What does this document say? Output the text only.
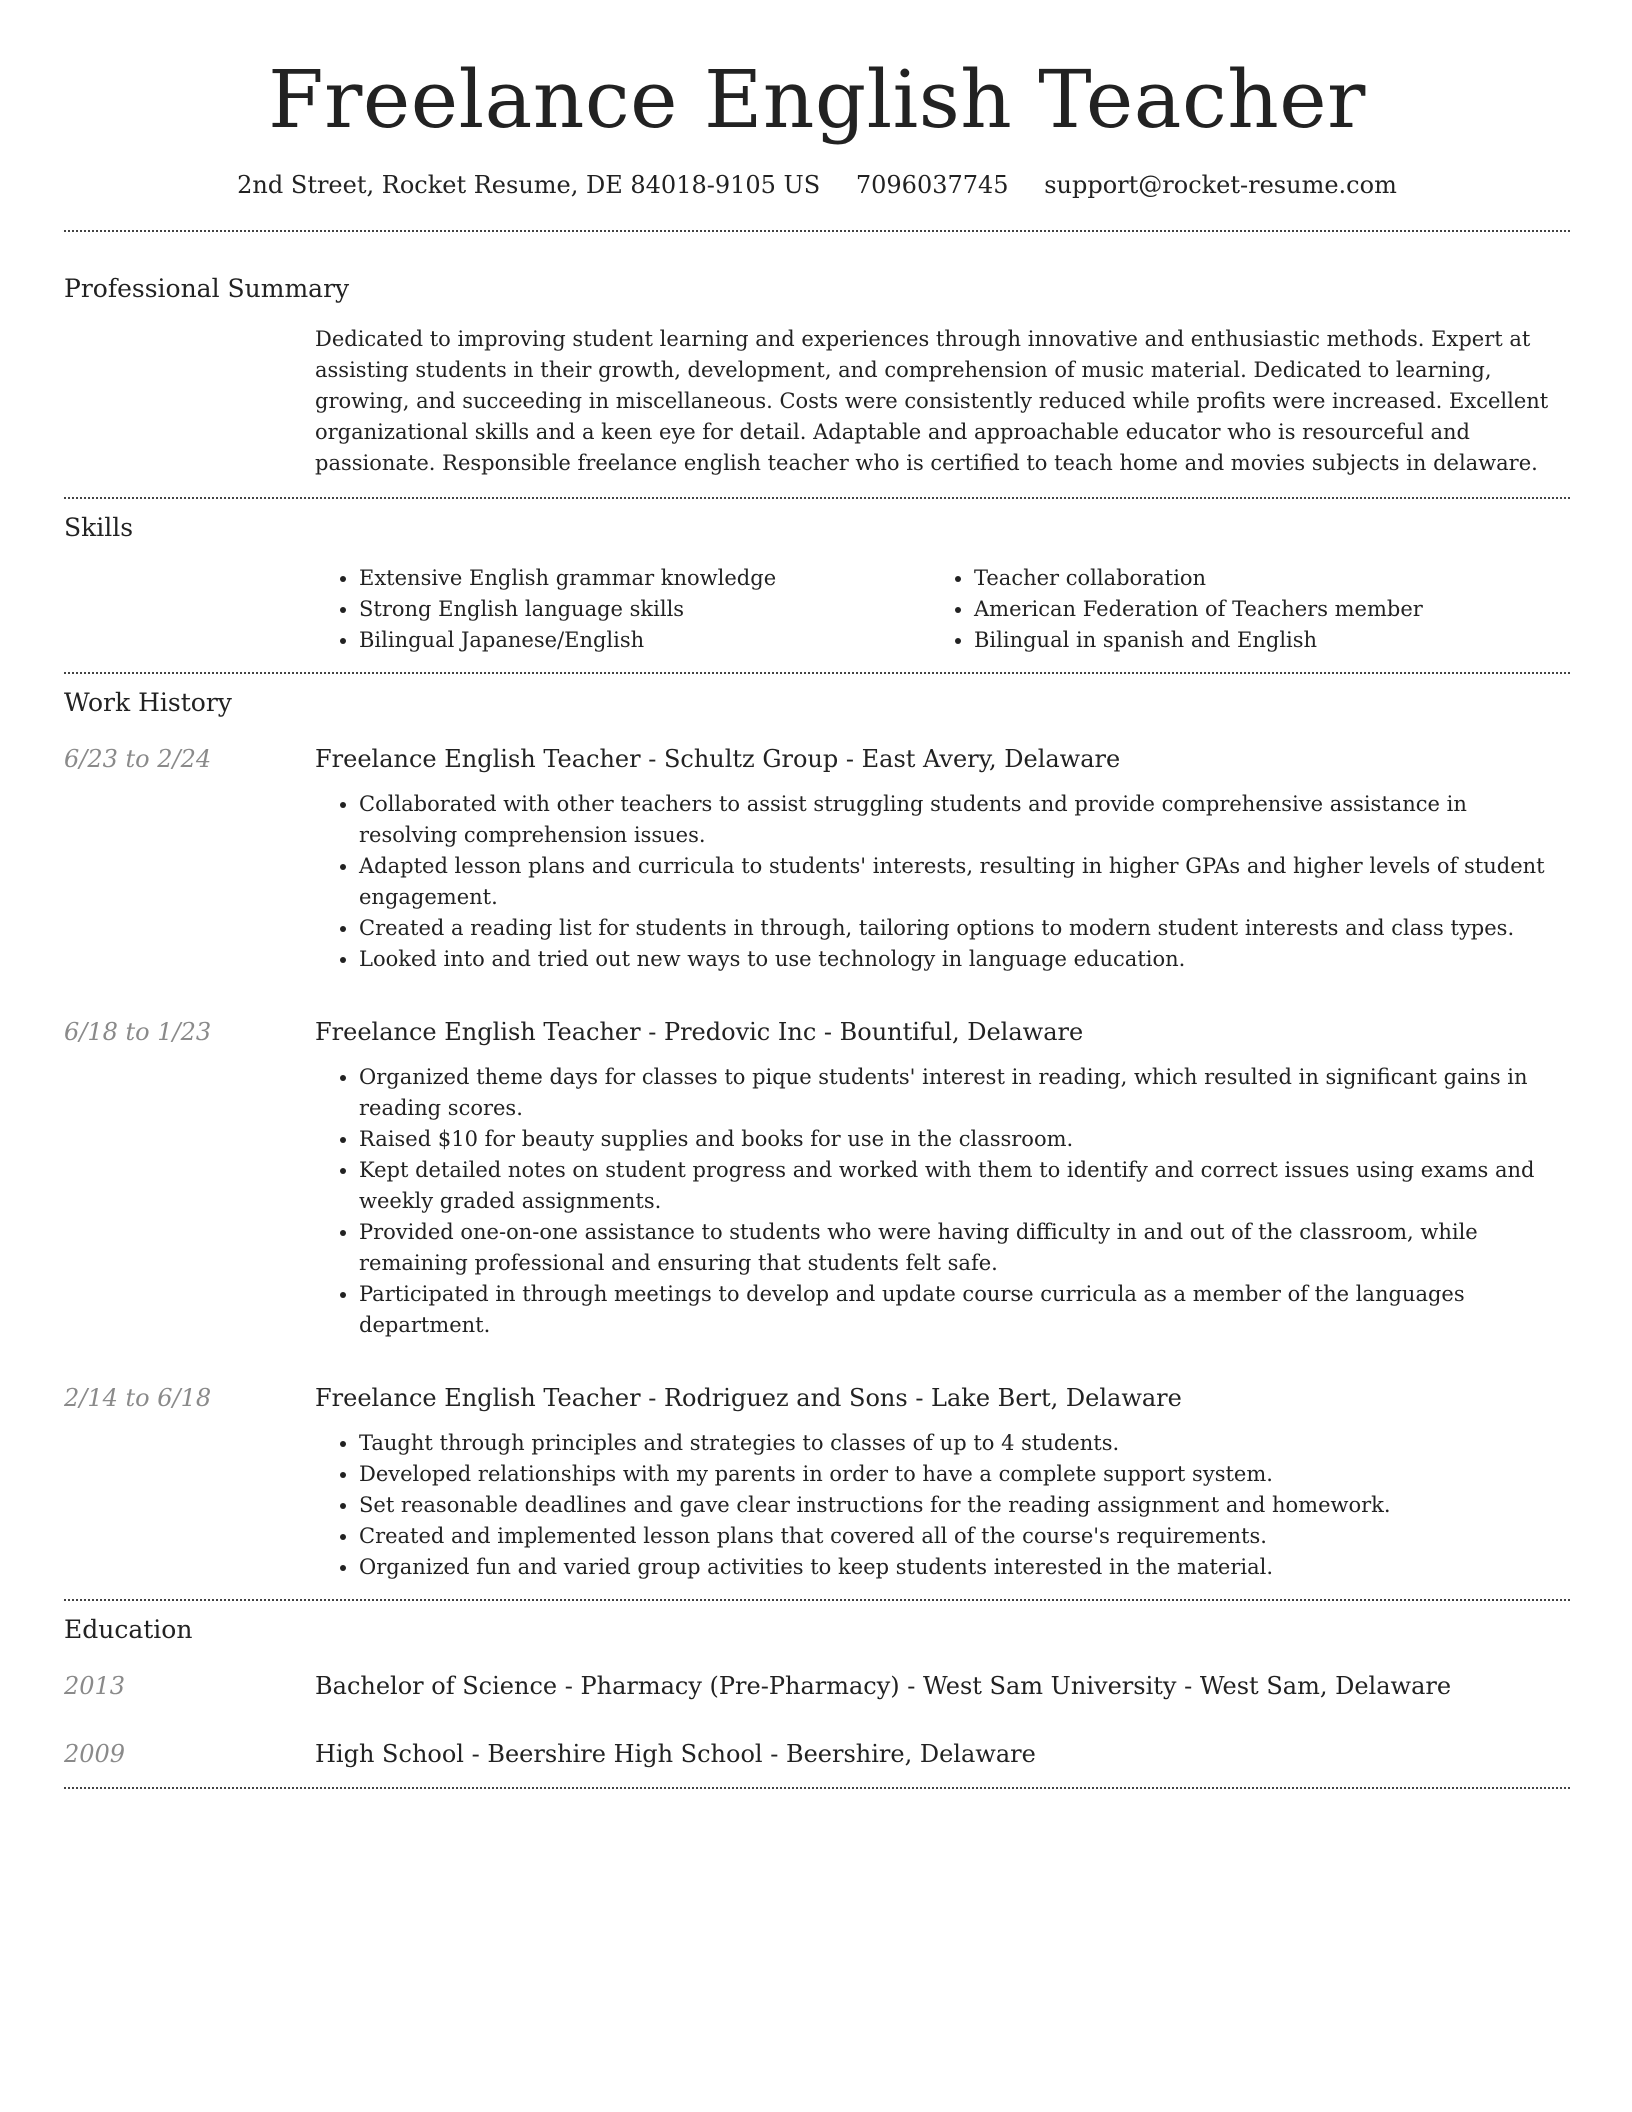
Freelance English Teacher
2nd Street, Rocket Resume, DE 84018-9105 US 7096037745 support@rocket-resume.com
Professional Summary
Dedicated to improving student learning and experiences through innovative and enthusiastic methods. Expert at assisting students in their growth, development, and comprehension of music material. Dedicated to learning, growing, and succeeding in miscellaneous. Costs were consistently reduced while profits were increased. Excellent organizational skills and a keen eye for detail. Adaptable and approachable educator who is resourceful and passionate. Responsible freelance english teacher who is certified to teach home and movies subjects in delaware.
Skills
• Extensive English grammar knowledge
• Strong English language skills
• Bilingual Japanese/English
• Teacher collaboration
• American Federation of Teachers member
• Bilingual in spanish and English
Work History
6/23 to 2/24	Freelance English Teacher - Schultz Group - East Avery, Delaware
• Collaborated with other teachers to assist struggling students and provide comprehensive assistance in resolving comprehension issues.
• Adapted lesson plans and curricula to students' interests, resulting in higher GPAs and higher levels of student engagement.
• Created a reading list for students in through, tailoring options to modern student interests and class types.
• Looked into and tried out new ways to use technology in language education.
6/18 to 1/23	Freelance English Teacher - Predovic Inc - Bountiful, Delaware
• Organized theme days for classes to pique students' interest in reading, which resulted in significant gains in reading scores.
• Raised $10 for beauty supplies and books for use in the classroom.
• Kept detailed notes on student progress and worked with them to identify and correct issues using exams and weekly graded assignments.
• Provided one-on-one assistance to students who were having difficulty in and out of the classroom, while remaining professional and ensuring that students felt safe.
• Participated in through meetings to develop and update course curricula as a member of the languages department.
2/14 to 6/18	Freelance English Teacher - Rodriguez and Sons - Lake Bert, Delaware
• Taught through principles and strategies to classes of up to 4 students.
• Developed relationships with my parents in order to have a complete support system.
• Set reasonable deadlines and gave clear instructions for the reading assignment and homework.
• Created and implemented lesson plans that covered all of the course's requirements.
• Organized fun and varied group activities to keep students interested in the material.
Education
2013	Bachelor of Science - Pharmacy (Pre-Pharmacy) - West Sam University - West Sam, Delaware
2009	High School - Beershire High School - Beershire, Delaware
